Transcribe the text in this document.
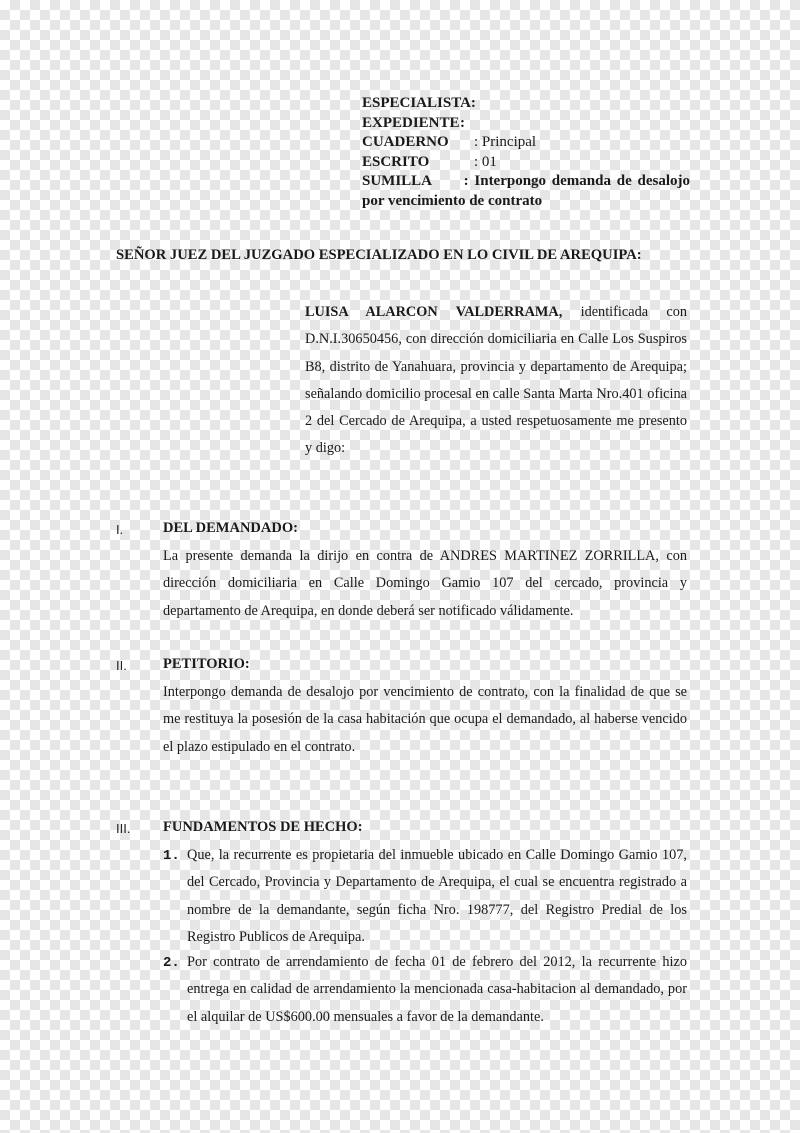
ESPECIALISTA:
EXPEDIENTE :
CUADERNO	: Principal
ESCRITO	: 01
SUMILLA	: Interpongo demanda de desalojo
por vencimiento de contrato
SEÑOR JUEZ DEL JUZGADO ESPECIALIZADO EN LO CIVIL DE AREQUIPA:
LUISA ALARCON VALDERRAMA, identificada con D.N.I.30650456, con dirección domiciliaria en Calle Los Suspiros B8, distrito de Yanahuara, provincia y departamento de Arequipa; señalando domicilio procesal en calle Santa Marta Nro.401 oficina 2 del Cercado de Arequipa, a usted respetuosamente me presento y digo:
I.	DEL DEMANDADO:
La presente demanda la dirijo en contra de ANDRES MARTINEZ ZORRILLA, con dirección domiciliaria en Calle Domingo Gamio 107 del cercado, provincia y departamento de Arequipa, en donde deberá ser notificado válidamente.
II. PETITORIO:
Interpongo demanda de desalojo por vencimiento de contrato, con la finalidad de que se me restituya la posesión de la casa habitación que ocupa el demandado, al haberse vencido el plazo estipulado en el contrato.
III. FUNDAMENTOS DE HECHO:
1. Que, la recurrente es propietaria del inmueble ubicado en Calle Domingo Gamio 107, del Cercado, Provincia y Departamento de Arequipa, el cual se encuentra registrado a nombre de la demandante, según ficha Nro. 198777, del Registro Predial de los Registro Publicos de Arequipa.
2. Por contrato de arrendamiento de fecha 01 de febrero del 2012, la recurrente hizo entrega en calidad de arrendamiento la mencionada casa-habitacion al demandado, por el alquilar de US$600.00 mensuales a favor de la demandante.
